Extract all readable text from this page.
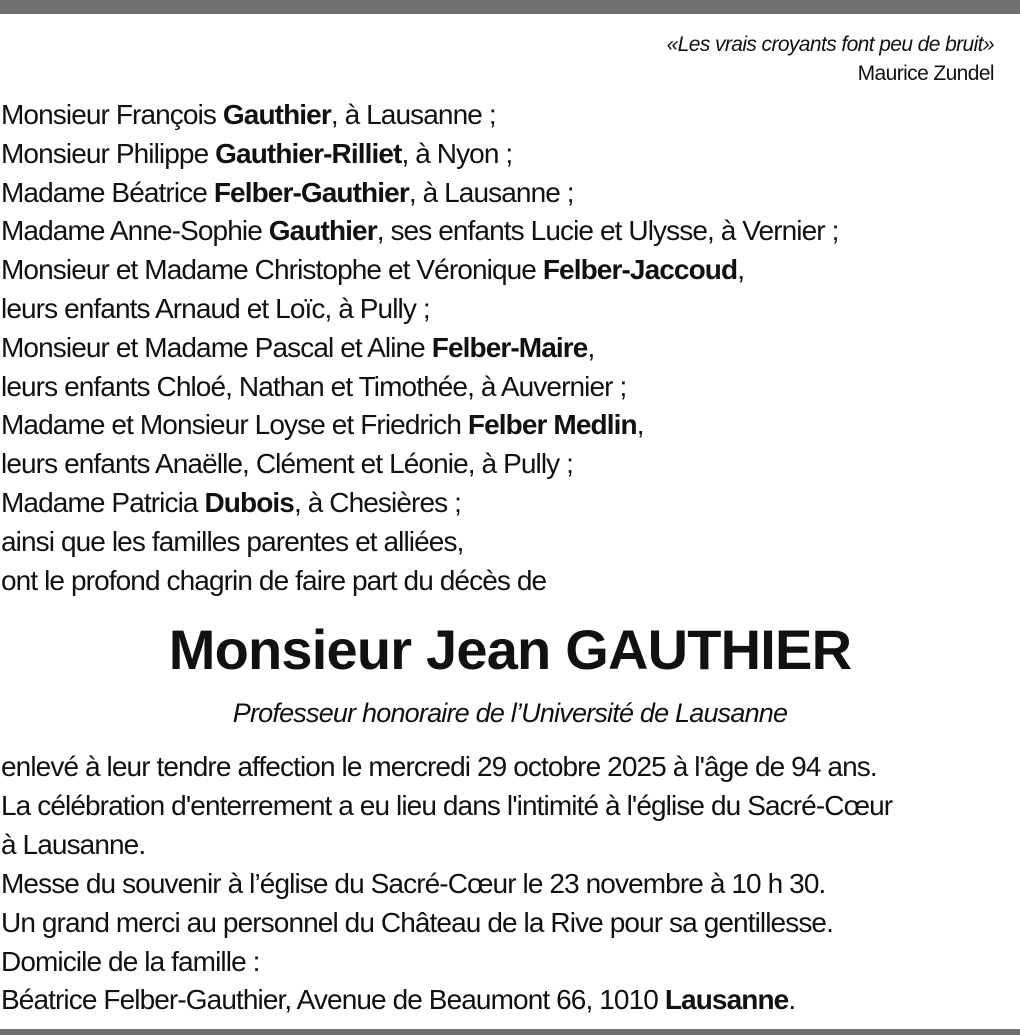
«Les vrais croyants font peu de bruit»
Maurice Zundel
Monsieur François Gauthier, à Lausanne ;
Monsieur Philippe Gauthier-Rilliet, à Nyon ;
Madame Béatrice Felber-Gauthier, à Lausanne ;
Madame Anne-Sophie Gauthier, ses enfants Lucie et Ulysse, à Vernier ;
Monsieur et Madame Christophe et Véronique Felber-Jaccoud,
leurs enfants Arnaud et Loïc, à Pully ;
Monsieur et Madame Pascal et Aline Felber-Maire,
leurs enfants Chloé, Nathan et Timothée, à Auvernier ;
Madame et Monsieur Loyse et Friedrich Felber Medlin,
leurs enfants Anaëlle, Clément et Léonie, à Pully ;
Madame Patricia Dubois, à Chesières ;
ainsi que les familles parentes et alliées,
ont le profond chagrin de faire part du décès de
Monsieur Jean GAUTHIER
Professeur honoraire de l’Université de Lausanne
enlevé à leur tendre affection le mercredi 29 octobre 2025 à l'âge de 94 ans.
La célébration d'enterrement a eu lieu dans l'intimité à l'église du Sacré-Cœur
à Lausanne.
Messe du souvenir à l’église du Sacré-Cœur le 23 novembre à 10 h 30.
Un grand merci au personnel du Château de la Rive pour sa gentillesse.
Domicile de la famille :
Béatrice Felber-Gauthier, Avenue de Beaumont 66, 1010 Lausanne.
